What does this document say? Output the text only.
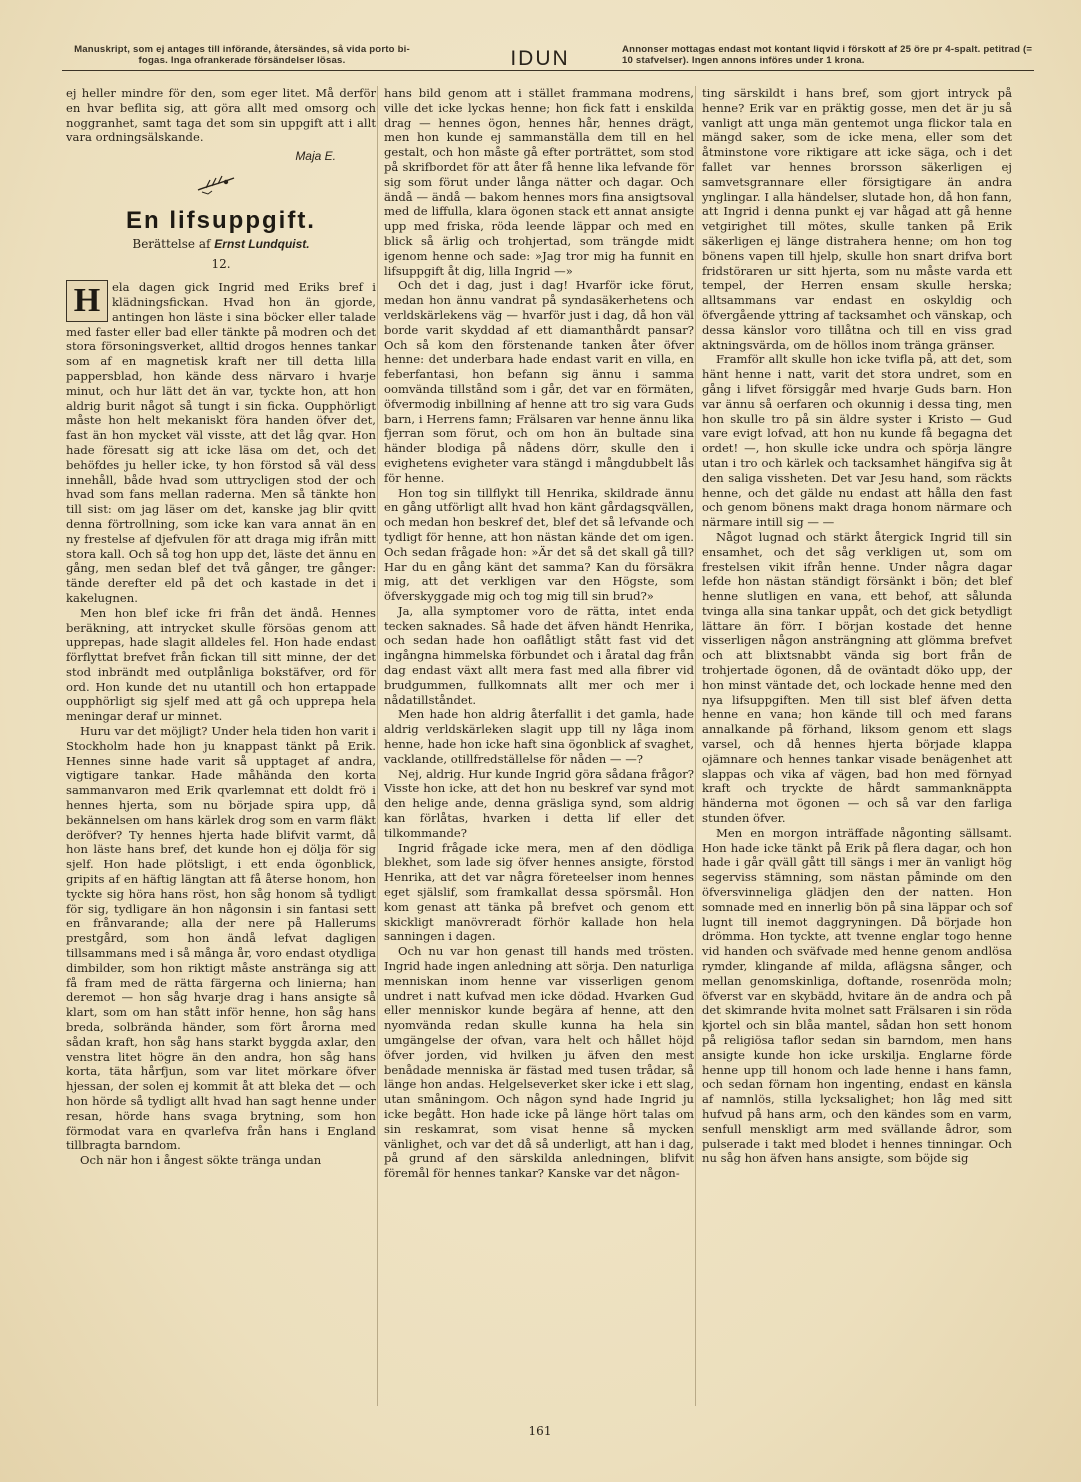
Manuskript, som ej antages till införande, återsändes, så vida porto bi-fogas. Inga ofrankerade försändelser lösas.	IDUN	Annonser mottagas endast mot kontant liqvid i förskott af 25 öre pr 4-spalt. petitrad (= 10 stafvelser). Ingen annons införes under 1 krona.

ej heller mindre för den, som eger litet. Må derför en hvar beflita sig, att göra allt med omsorg och noggranhet, samt taga det som sin uppgift att i allt vara ordningsälskande.

Maja E.
En lifsuppgift.
Berättelse af Ernst Lundquist.
12.
H	ela dagen gick Ingrid med Eriks bref i klädningsfickan. Hvad hon än gjorde, antingen hon läste i sina böcker eller talade med faster eller bad eller tänkte på modren och det stora försoningsverket, alltid drogos hennes tankar som af en magnetisk kraft ner till detta lilla pappersblad, hon kände dess närvaro i hvarje minut, och hur lätt det än var, tyckte hon, att hon aldrig burit något så tungt i sin ficka. Oupphörligt måste hon helt mekaniskt föra handen öfver det, fast än hon mycket väl visste, att det låg qvar. Hon hade föresatt sig att icke läsa om det, och det behöfdes ju heller icke, ty hon förstod så väl dess innehåll, både hvad som uttrycligen stod der och hvad som fans mellan raderna. Men så tänkte hon till sist: om jag läser om det, kanske jag blir qvitt denna förtrollning, som icke kan vara annat än en ny frestelse af djefvulen för att draga mig ifrån mitt stora kall. Och så tog hon upp det, läste det ännu en gång, men sedan blef det två gånger, tre gånger: tände derefter eld på det och kastade in det i kakelugnen.

Men hon blef icke fri från det ändå. Hennes beräkning, att intrycket skulle försöas genom att upprepas, hade slagit alldeles fel. Hon hade endast förflyttat brefvet från fickan till sitt minne, der det stod inbrändt med outplånliga bokstäfver, ord för ord. Hon kunde det nu utantill och hon ertappade oupphörligt sig sjelf med att gå och upprepa hela meningar deraf ur minnet.

Huru var det möjligt? Under hela tiden hon varit i Stockholm hade hon ju knappast tänkt på Erik. Hennes sinne hade varit så upptaget af andra, vigtigare tankar. Hade måhända den korta sammanvaron med Erik qvarlemnat ett doldt frö i hennes hjerta, som nu började spira upp, då bekännelsen om hans kärlek drog som en varm fläkt deröfver? Ty hennes hjerta hade blifvit varmt, då hon läste hans bref, det kunde hon ej dölja för sig sjelf. Hon hade plötsligt, i ett enda ögonblick, gripits af en häftig längtan att få återse honom, hon tyckte sig höra hans röst, hon såg honom så tydligt för sig, tydligare än hon någonsin i sin fantasi sett en frånvarande; alla der nere på Hallerums prestgård, som hon ändå lefvat dagligen tillsammans med i så många år, voro endast otydliga dimbilder, som hon riktigt måste anstränga sig att få fram med de rätta färgerna och linierna; han deremot — hon såg hvarje drag i hans ansigte så klart, som om han stått inför henne, hon såg hans breda, solbrända händer, som fört årorna med sådan kraft, hon såg hans starkt byggda axlar, den venstra litet högre än den andra, hon såg hans korta, täta hårfjun, som var litet mörkare öfver hjessan, der solen ej kommit åt att bleka det — och hon hörde så tydligt allt hvad han sagt henne under resan, hörde hans svaga brytning, som hon förmodat vara en qvarlefva från hans i England tillbragta barndom.

Och när hon i ångest sökte tränga undan

hans bild genom att i stället frammana modrens, ville det icke lyckas henne; hon fick fatt i enskilda drag — hennes ögon, hennes hår, hennes drägt, men hon kunde ej sammanställa dem till en hel gestalt, och hon måste gå efter porträttet, som stod på skrifbordet för att åter få henne lika lefvande för sig som förut under långa nätter och dagar. Och ändå — ändå — bakom hennes mors fina ansigtsoval med de liffulla, klara ögonen stack ett annat ansigte upp med friska, röda leende läppar och med en blick så ärlig och trohjertad, som trängde midt igenom henne och sade: »Jag tror mig ha funnit en lifsuppgift åt dig, lilla Ingrid —»

Och det i dag, just i dag! Hvarför icke förut, medan hon ännu vandrat på syndasäkerhetens och verldskärlekens väg — hvarför just i dag, då hon väl borde varit skyddad af ett diamanthårdt pansar? Och så kom den förstenande tanken åter öfver henne: det underbara hade endast varit en villa, en feberfantasi, hon befann sig ännu i samma oomvända tillstånd som i går, det var en förmäten, öfvermodig inbillning af henne att tro sig vara Guds barn, i Herrens famn; Frälsaren var henne ännu lika fjerran som förut, och om hon än bultade sina händer blodiga på nådens dörr, skulle den i evighetens evigheter vara stängd i mångdubbelt lås för henne.

Hon tog sin tillflykt till Henrika, skildrade ännu en gång utförligt allt hvad hon känt gårdagsqvällen, och medan hon beskref det, blef det så lefvande och tydligt för henne, att hon nästan kände det om igen. Och sedan frågade hon: »Är det så det skall gå till? Har du en gång känt det samma? Kan du försäkra mig, att det verkligen var den Högste, som öfverskyggade mig och tog mig till sin brud?»

Ja, alla symptomer voro de rätta, intet enda tecken saknades. Så hade det äfven händt Henrika, och sedan hade hon oaflåtligt stått fast vid det ingångna himmelska förbundet och i åratal dag från dag endast växt allt mera fast med alla fibrer vid brudgummen, fullkomnats allt mer och mer i nådatillståndet.

Men hade hon aldrig återfallit i det gamla, hade aldrig verldskärleken slagit upp till ny låga inom henne, hade hon icke haft sina ögonblick af svaghet, vacklande, otillfredställelse för nåden — —?

Nej, aldrig. Hur kunde Ingrid göra sådana frågor? Visste hon icke, att det hon nu beskref var synd mot den helige ande, denna gräsliga synd, som aldrig kan förlåtas, hvarken i detta lif eller det tilkommande?

Ingrid frågade icke mera, men af den dödliga blekhet, som lade sig öfver hennes ansigte, förstod Henrika, att det var några företeelser inom hennes eget själslif, som framkallat dessa spörsmål. Hon kom genast att tänka på brefvet och genom ett skickligt manövreradt förhör kallade hon hela sanningen i dagen.

Och nu var hon genast till hands med trösten. Ingrid hade ingen anledning att sörja. Den naturliga menniskan inom henne var visserligen genom undret i natt kufvad men icke dödad. Hvarken Gud eller menniskor kunde begära af henne, att den nyomvända redan skulle kunna ha hela sin umgängelse der ofvan, vara helt och hållet höjd öfver jorden, vid hvilken ju äfven den mest benådade menniska är fästad med tusen trådar, så länge hon andas. Helgelseverket sker icke i ett slag, utan småningom. Och någon synd hade Ingrid ju icke begått. Hon hade icke på länge hört talas om sin reskamrat, som visat henne så mycken vänlighet, och var det då så underligt, att han i dag, på grund af den särskilda anledningen, blifvit föremål för hennes tankar? Kanske var det någon-

ting särskildt i hans bref, som gjort intryck på henne? Erik var en präktig gosse, men det är ju så vanligt att unga män gentemot unga flickor tala en mängd saker, som de icke mena, eller som det åtminstone vore riktigare att icke säga, och i det fallet var hennes brorsson säkerligen ej samvetsgrannare eller försigtigare än andra ynglingar. I alla händelser, slutade hon, då hon fann, att Ingrid i denna punkt ej var hågad att gå henne vetgirighet till mötes, skulle tanken på Erik säkerligen ej länge distrahera henne; om hon tog bönens vapen till hjelp, skulle hon snart drifva bort fridstöraren ur sitt hjerta, som nu måste varda ett tempel, der Herren ensam skulle herska; alltsammans var endast en oskyldig och öfvergående yttring af tacksamhet och vänskap, och dessa känslor voro tillåtna och till en viss grad aktningsvärda, om de höllos inom tränga gränser.

Framför allt skulle hon icke tvifla på, att det, som hänt henne i natt, varit det stora undret, som en gång i lifvet försiggår med hvarje Guds barn. Hon var ännu så oerfaren och okunnig i dessa ting, men hon skulle tro på sin äldre syster i Kristo — Gud vare evigt lofvad, att hon nu kunde få begagna det ordet! —, hon skulle icke undra och spörja längre utan i tro och kärlek och tacksamhet hängifva sig åt den saliga vissheten. Det var Jesu hand, som räckts henne, och det gälde nu endast att hålla den fast och genom bönens makt draga honom närmare och närmare intill sig — —

Något lugnad och stärkt återgick Ingrid till sin ensamhet, och det såg verkligen ut, som om frestelsen vikit ifrån henne. Under några dagar lefde hon nästan ständigt försänkt i bön; det blef henne slutligen en vana, ett behof, att sålunda tvinga alla sina tankar uppåt, och det gick betydligt lättare än förr. I början kostade det henne visserligen någon ansträngning att glömma brefvet och att blixtsnabbt vända sig bort från de trohjertade ögonen, då de oväntadt döko upp, der hon minst väntade det, och lockade henne med den nya lifsuppgiften. Men till sist blef äfven detta henne en vana; hon kände till och med farans annalkande på förhand, liksom genom ett slags varsel, och då hennes hjerta började klappa ojämnare och hennes tankar visade benägenhet att slappas och vika af vägen, bad hon med förnyad kraft och tryckte de hårdt sammanknäppta händerna mot ögonen — och så var den farliga stunden öfver.

Men en morgon inträffade någonting sällsamt. Hon hade icke tänkt på Erik på flera dagar, och hon hade i går qväll gått till sängs i mer än vanligt hög segerviss stämning, som nästan påminde om den öfversvinneliga glädjen den der natten. Hon somnade med en innerlig bön på sina läppar och sof lugnt till inemot daggryningen. Då började hon drömma. Hon tyckte, att tvenne englar togo henne vid handen och sväfvade med henne genom andlösa rymder, klingande af milda, aflägsna sånger, och mellan genomskinliga, doftande, rosenröda moln; öfverst var en skybädd, hvitare än de andra och på det skimrande hvita molnet satt Frälsaren i sin röda kjortel och sin blåa mantel, sådan hon sett honom på religiösa taflor sedan sin barndom, men hans ansigte kunde hon icke urskilja. Englarne förde henne upp till honom och lade henne i hans famn, och sedan förnam hon ingenting, endast en känsla af namnlös, stilla lycksalighet; hon låg med sitt hufvud på hans arm, och den kändes som en varm, senfull menskligt arm med svällande ådror, som pulserade i takt med blodet i hennes tinningar. Och nu såg hon äfven hans ansigte, som böjde sig

161
